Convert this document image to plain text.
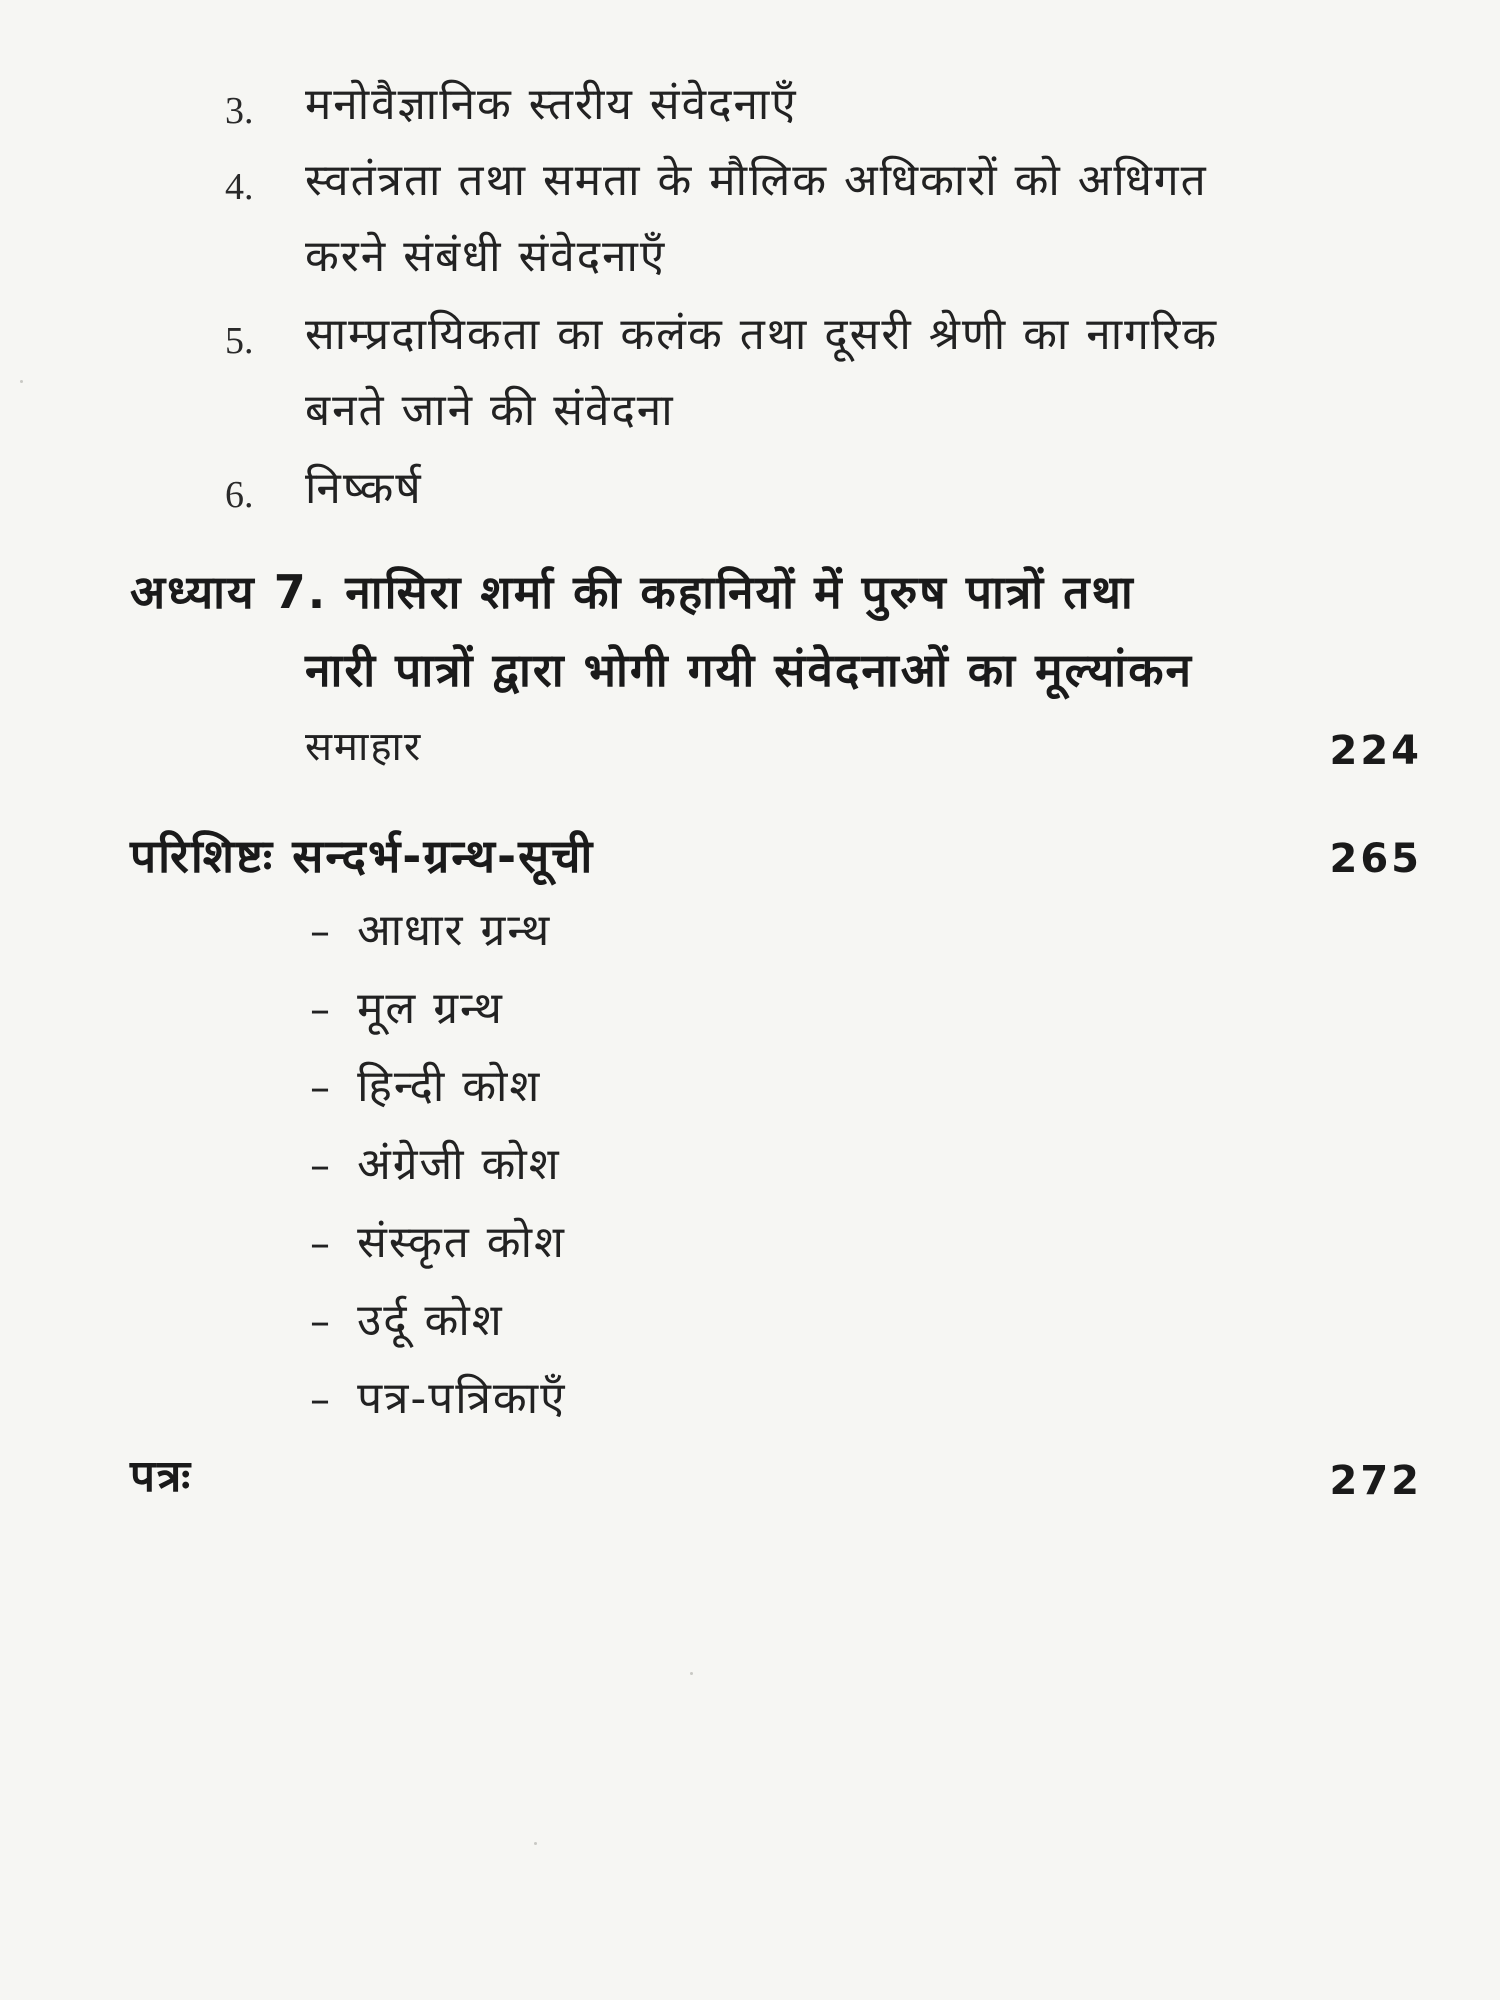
3. मनोवैज्ञानिक स्तरीय संवेदनाएँ
4. स्वतंत्रता तथा समता के मौलिक अधिकारों को अधिगत
करने संबंधी संवेदनाएँ
5. साम्प्रदायिकता का कलंक तथा दूसरी श्रेणी का नागरिक
बनते जाने की संवेदना
6. निष्कर्ष
अध्याय 7. नासिरा शर्मा की कहानियों में पुरुष पात्रों तथा
नारी पात्रों द्वारा भोगी गयी संवेदनाओं का मूल्यांकन
समाहार	224
परिशिष्टः सन्दर्भ-ग्रन्थ-सूची	265
– आधार ग्रन्थ
– मूल ग्रन्थ
– हिन्दी कोश
– अंग्रेजी कोश
– संस्कृत कोश
– उर्दू कोश
– पत्र-पत्रिकाएँ
पत्रः	272
